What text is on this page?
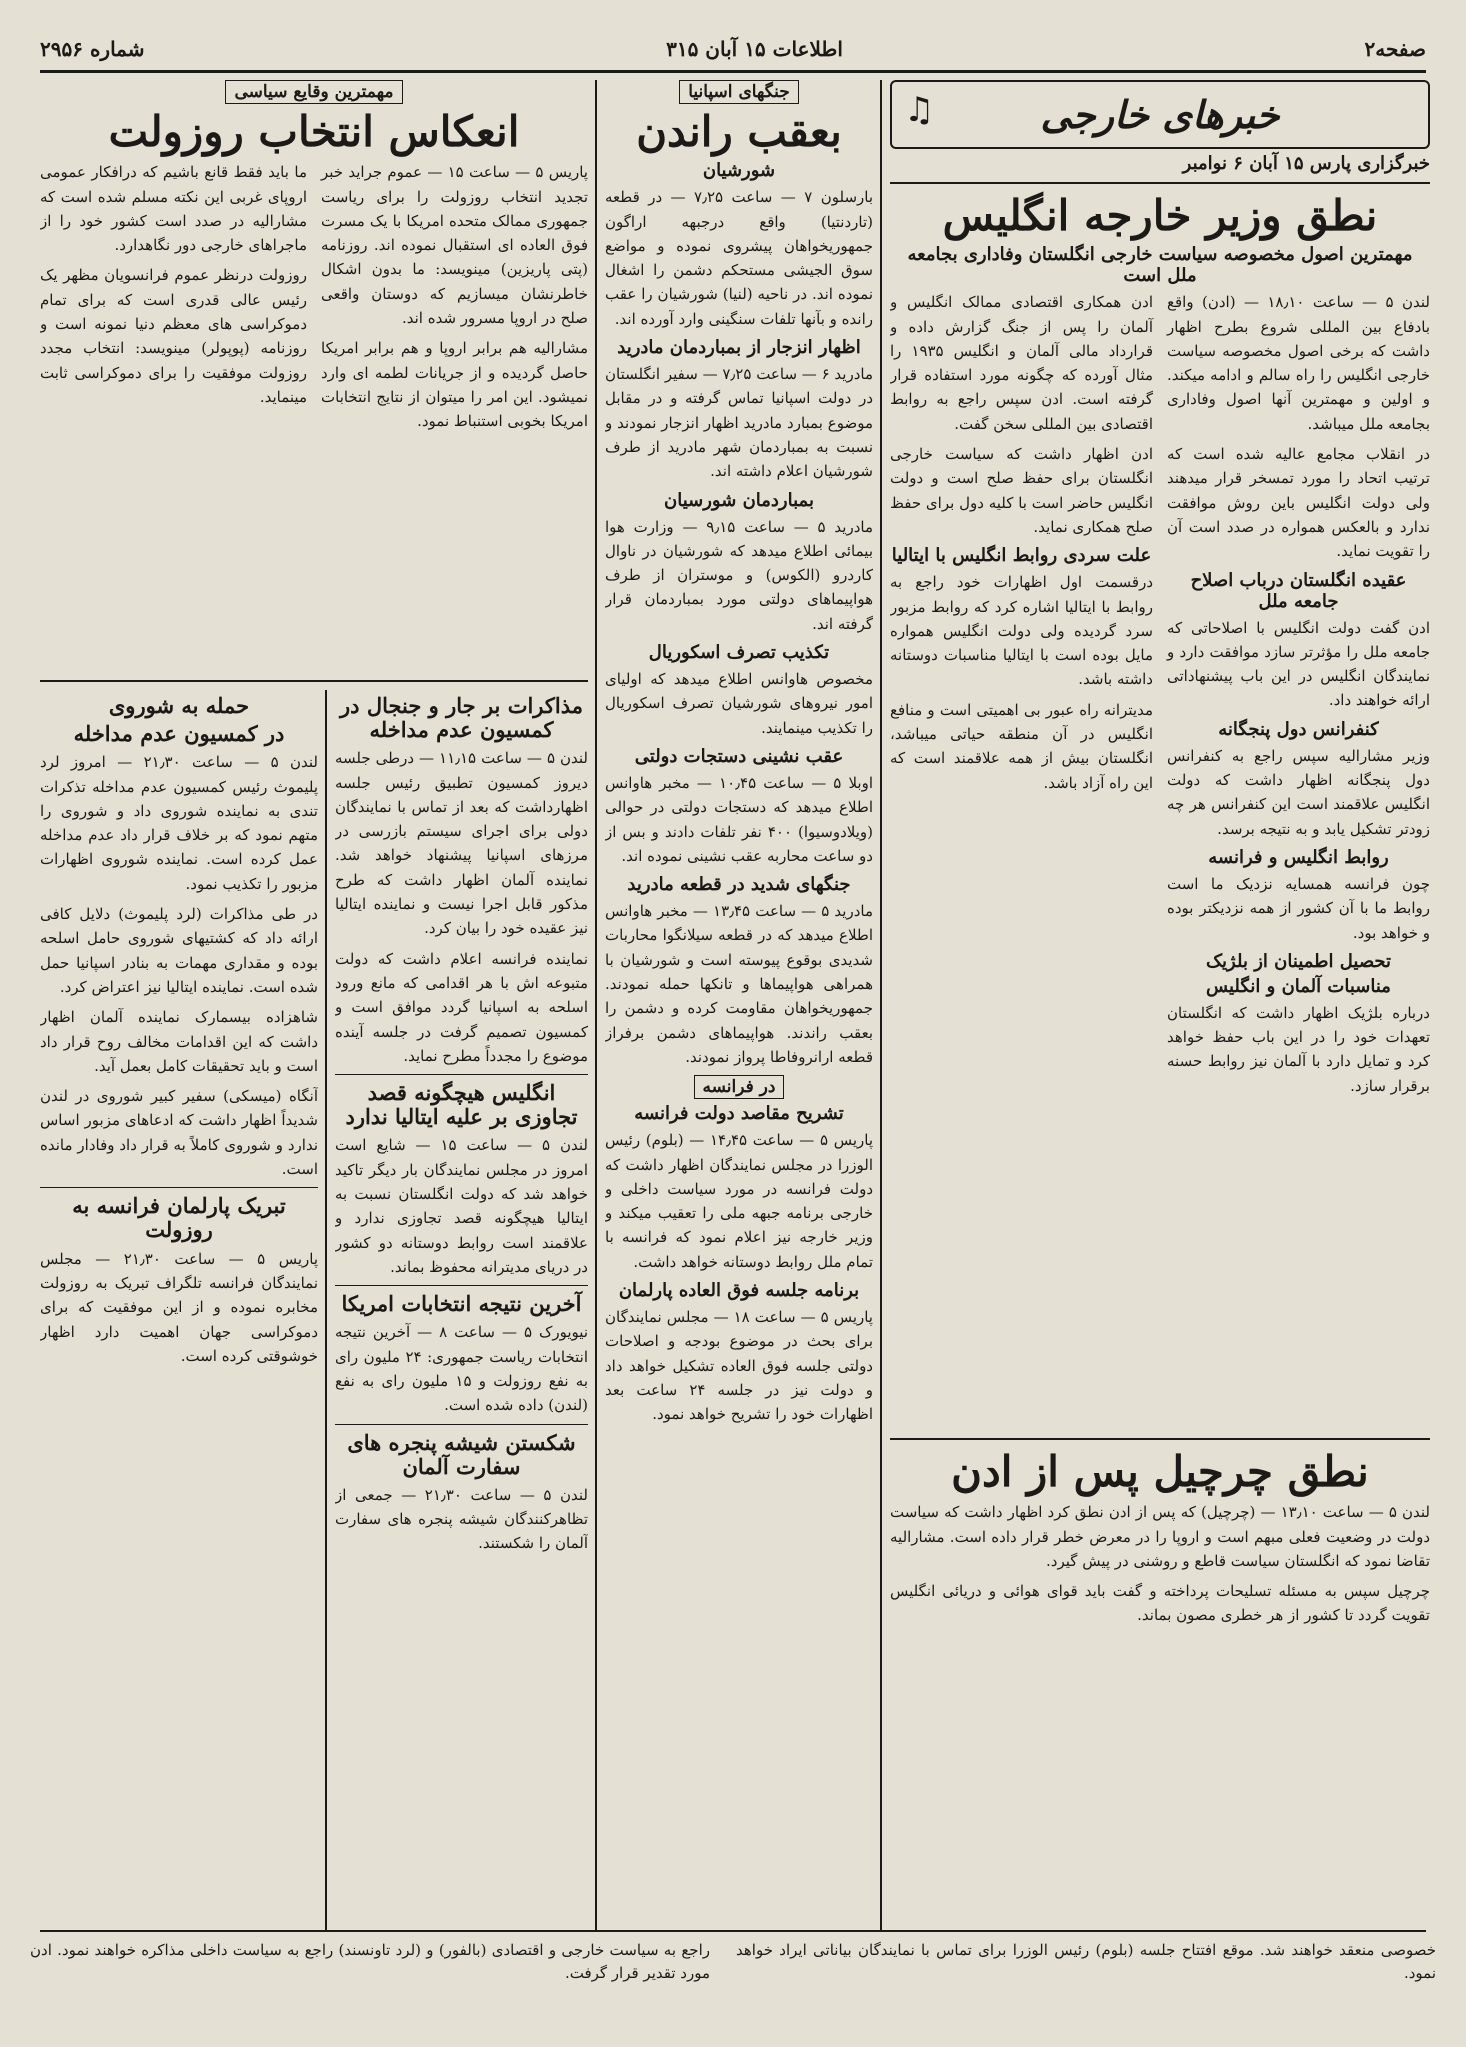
صفحه۲
اطلاعات ۱۵ آبان ۳۱۵
شماره ۲۹۵۶
♫	خبرهای خارجی
خبرگزاری پارس ۱۵ آبان ۶ نوامبر
نطق وزیر خارجه انگلیس
مهمترین اصول مخصوصه سیاست خارجی انگلستان وفاداری بجامعه ملل است

لندن ۵ — ساعت ۱۸٫۱۰ — (ادن) واقع بادفاع بین المللی شروع بطرح اظهار داشت که برخی اصول مخصوصه سیاست خارجی انگلیس را راه سالم و ادامه میکند. و اولین و مهمترین آنها اصول وفاداری بجامعه ملل میباشد.

در انقلاب مجامع عالیه شده است که ترتیب اتحاد را مورد تمسخر قرار میدهند ولی دولت انگلیس باین روش موافقت ندارد و بالعکس همواره در صدد است آن را تقویت نماید.

عقیده انگلستان درباب اصلاح جامعه ملل

ادن گفت دولت انگلیس با اصلاحاتی که جامعه ملل را مؤثرتر سازد موافقت دارد و نمایندگان انگلیس در این باب پیشنهاداتی ارائه خواهند داد.

کنفرانس دول پنجگانه

وزیر مشارالیه سپس راجع به کنفرانس دول پنجگانه اظهار داشت که دولت انگلیس علاقمند است این کنفرانس هر چه زودتر تشکیل یابد و به نتیجه برسد.

روابط انگلیس و فرانسه

چون فرانسه همسایه نزدیک ما است روابط ما با آن کشور از همه نزدیکتر بوده و خواهد بود.

تحصیل اطمینان از بلژیک
مناسبات آلمان و انگلیس

درباره بلژیک اظهار داشت که انگلستان تعهدات خود را در این باب حفظ خواهد کرد و تمایل دارد با آلمان نیز روابط حسنه برقرار سازد.

ادن همکاری اقتصادی ممالک انگلیس و آلمان را پس از جنگ گزارش داده و قرارداد مالی آلمان و انگلیس ۱۹۳۵ را مثال آورده که چگونه مورد استفاده قرار گرفته است. ادن سپس راجع به روابط اقتصادی بین المللی سخن گفت.

ادن اظهار داشت که سیاست خارجی انگلستان برای حفظ صلح است و دولت انگلیس حاضر است با کلیه دول برای حفظ صلح همکاری نماید.

علت سردی روابط انگلیس با ایتالیا

درقسمت اول اظهارات خود راجع به روابط با ایتالیا اشاره کرد که روابط مزبور سرد گردیده ولی دولت انگلیس همواره مایل بوده است با ایتالیا مناسبات دوستانه داشته باشد.

مدیترانه راه عبور بی اهمیتی است و منافع انگلیس در آن منطقه حیاتی میباشد، انگلستان بیش از همه علاقمند است که این راه آزاد باشد.

نطق چرچیل پس از ادن

لندن ۵ — ساعت ۱۳٫۱۰ — (چرچیل) که پس از ادن نطق کرد اظهار داشت که سیاست دولت در وضعیت فعلی مبهم است و اروپا را در معرض خطر قرار داده است. مشارالیه تقاضا نمود که انگلستان سیاست قاطع و روشنی در پیش گیرد.

چرچیل سپس به مسئله تسلیحات پرداخته و گفت باید قوای هوائی و دریائی انگلیس تقویت گردد تا کشور از هر خطری مصون بماند.

جنگهای اسپانیا
بعقب راندن
شورشیان

بارسلون ۷ — ساعت ۷٫۲۵ — در قطعه (تاردنتیا) واقع درجبهه اراگون جمهوریخواهان پیشروی نموده و مواضع سوق الجیشی مستحکم دشمن را اشغال نموده اند. در ناحیه (لنیا) شورشیان را عقب رانده و بآنها تلفات سنگینی وارد آورده اند.

اظهار انزجار از بمباردمان مادرید

مادرید ۶ — ساعت ۷٫۲۵ — سفیر انگلستان در دولت اسپانیا تماس گرفته و در مقابل موضوع بمبارد مادرید اظهار انزجار نمودند و نسبت به بمباردمان شهر مادرید از طرف شورشیان اعلام داشته اند.

بمباردمان شورسیان

مادرید ۵ — ساعت ۹٫۱۵ — وزارت هوا بیمائی اطلاع میدهد که شورشیان در ناوال کاردرو (الکوس) و موستران از طرف هواپیماهای دولتی مورد بمباردمان قرار گرفته اند.

تکذیب تصرف اسکوریال

مخصوص هاوانس اطلاع میدهد که اولیای امور نیروهای شورشیان تصرف اسکوریال را تکذیب مینمایند.

عقب نشینی دستجات دولتی

اوبلا ۵ — ساعت ۱۰٫۴۵ — مخبر هاوانس اطلاع میدهد که دستجات دولتی در حوالی (ویلادوسیوا) ۴۰۰ نفر تلفات دادند و بس از دو ساعت محاربه عقب نشینی نموده اند.

جنگهای شدید در قطعه مادرید

مادرید ۵ — ساعت ۱۳٫۴۵ — مخبر هاوانس اطلاع میدهد که در قطعه سیلانگوا محاربات شدیدی بوقوع پیوسته است و شورشیان با همراهی هواپیماها و تانکها حمله نمودند. جمهوریخواهان مقاومت کرده و دشمن را بعقب راندند. هواپیماهای دشمن برفراز قطعه ارانروفاطا پرواز نمودند.

در فرانسه
تشریح مقاصد دولت فرانسه

پاریس ۵ — ساعت ۱۴٫۴۵ — (بلوم) رئیس الوزرا در مجلس نمایندگان اظهار داشت که دولت فرانسه در مورد سیاست داخلی و خارجی برنامه جبهه ملی را تعقیب میکند و وزیر خارجه نیز اعلام نمود که فرانسه با تمام ملل روابط دوستانه خواهد داشت.

برنامه جلسه فوق العاده پارلمان

پاریس ۵ — ساعت ۱۸ — مجلس نمایندگان برای بحث در موضوع بودجه و اصلاحات دولتی جلسه فوق العاده تشکیل خواهد داد و دولت نیز در جلسه ۲۴ ساعت بعد اظهارات خود را تشریح خواهد نمود.

مهمترین وقایع سیاسی
انعکاس انتخاب روزولت

پاریس ۵ — ساعت ۱۵ — عموم جراید خبر تجدید انتخاب روزولت را برای ریاست جمهوری ممالک متحده امریکا با یک مسرت فوق العاده ای استقبال نموده اند. روزنامه (پتی پاریزین) مینویسد: ما بدون اشکال خاطرنشان میسازیم که دوستان واقعی صلح در اروپا مسرور شده اند.

مشارالیه هم برابر اروپا و هم برابر امریکا حاصل گردیده و از جریانات لطمه ای وارد نمیشود. این امر را میتوان از نتایج انتخابات امریکا بخوبی استنباط نمود.

ما باید فقط قانع باشیم که درافکار عمومی اروپای غربی این نکته مسلم شده است که مشارالیه در صدد است کشور خود را از ماجراهای خارجی دور نگاهدارد.

روزولت درنظر عموم فرانسویان مظهر یک رئیس عالی قدری است که برای تمام دموکراسی های معظم دنیا نمونه است و روزنامه (پوپولر) مینویسد: انتخاب مجدد روزولت موفقیت را برای دموکراسی ثابت مینماید.

مذاکرات بر جار و جنجال در کمسیون عدم مداخله

لندن ۵ — ساعت ۱۱٫۱۵ — درطی جلسه دیروز کمسیون تطبیق رئیس جلسه اظهارداشت که بعد از تماس با نمایندگان دولی برای اجرای سیستم بازرسی در مرزهای اسپانیا پیشنهاد خواهد شد. نماینده آلمان اظهار داشت که طرح مذکور قابل اجرا نیست و نماینده ایتالیا نیز عقیده خود را بیان کرد.

نماینده فرانسه اعلام داشت که دولت متبوعه اش با هر اقدامی که مانع ورود اسلحه به اسپانیا گردد موافق است و کمسیون تصمیم گرفت در جلسه آینده موضوع را مجدداً مطرح نماید.

انگلیس هیچگونه قصد تجاوزی بر علیه ایتالیا ندارد

لندن ۵ — ساعت ۱۵ — شایع است امروز در مجلس نمایندگان بار دیگر تاکید خواهد شد که دولت انگلستان نسبت به ایتالیا هیچگونه قصد تجاوزی ندارد و علاقمند است روابط دوستانه دو کشور در دریای مدیترانه محفوظ بماند.

آخرین نتیجه انتخابات امریکا

نیویورک ۵ — ساعت ۸ — آخرین نتیجه انتخابات ریاست جمهوری: ۲۴ ملیون رای به نفع روزولت و ۱۵ ملیون رای به نفع (لندن) داده شده است.

شکستن شیشه پنجره های سفارت آلمان

لندن ۵ — ساعت ۲۱٫۳۰ — جمعی از تظاهرکنندگان شیشه پنجره های سفارت آلمان را شکستند.

حمله به شوروی
در کمسیون عدم مداخله

لندن ۵ — ساعت ۲۱٫۳۰ — امروز لرد پلیموث رئیس کمسیون عدم مداخله تذکرات تندی به نماینده شوروی داد و شوروی را متهم نمود که بر خلاف قرار داد عدم مداخله عمل کرده است. نماینده شوروی اظهارات مزبور را تکذیب نمود.

در طی مذاکرات (لرد پلیموث) دلایل کافی ارائه داد که کشتیهای شوروی حامل اسلحه بوده و مقداری مهمات به بنادر اسپانیا حمل شده است. نماینده ایتالیا نیز اعتراض کرد.

شاهزاده بیسمارک نماینده آلمان اظهار داشت که این اقدامات مخالف روح قرار داد است و باید تحقیقات کامل بعمل آید.

آنگاه (میسکی) سفیر کبیر شوروی در لندن شدیداً اظهار داشت که ادعاهای مزبور اساس ندارد و شوروی کاملاً به قرار داد وفادار مانده است.

تبریک پارلمان فرانسه به روزولت

پاریس ۵ — ساعت ۲۱٫۳۰ — مجلس نمایندگان فرانسه تلگراف تبریک به روزولت مخابره نموده و از این موفقیت که برای دموکراسی جهان اهمیت دارد اظهار خوشوقتی کرده است.

خصوصی منعقد خواهند شد. موقع افتتاح جلسه (بلوم) رئیس الوزرا برای تماس با نمایندگان بیاناتی ایراد خواهد نمود.
راجع به سیاست خارجی و اقتصادی (بالفور) و (لرد تاونسند) راجع به سیاست داخلی مذاکره خواهند نمود. ادن مورد تقدیر قرار گرفت.
